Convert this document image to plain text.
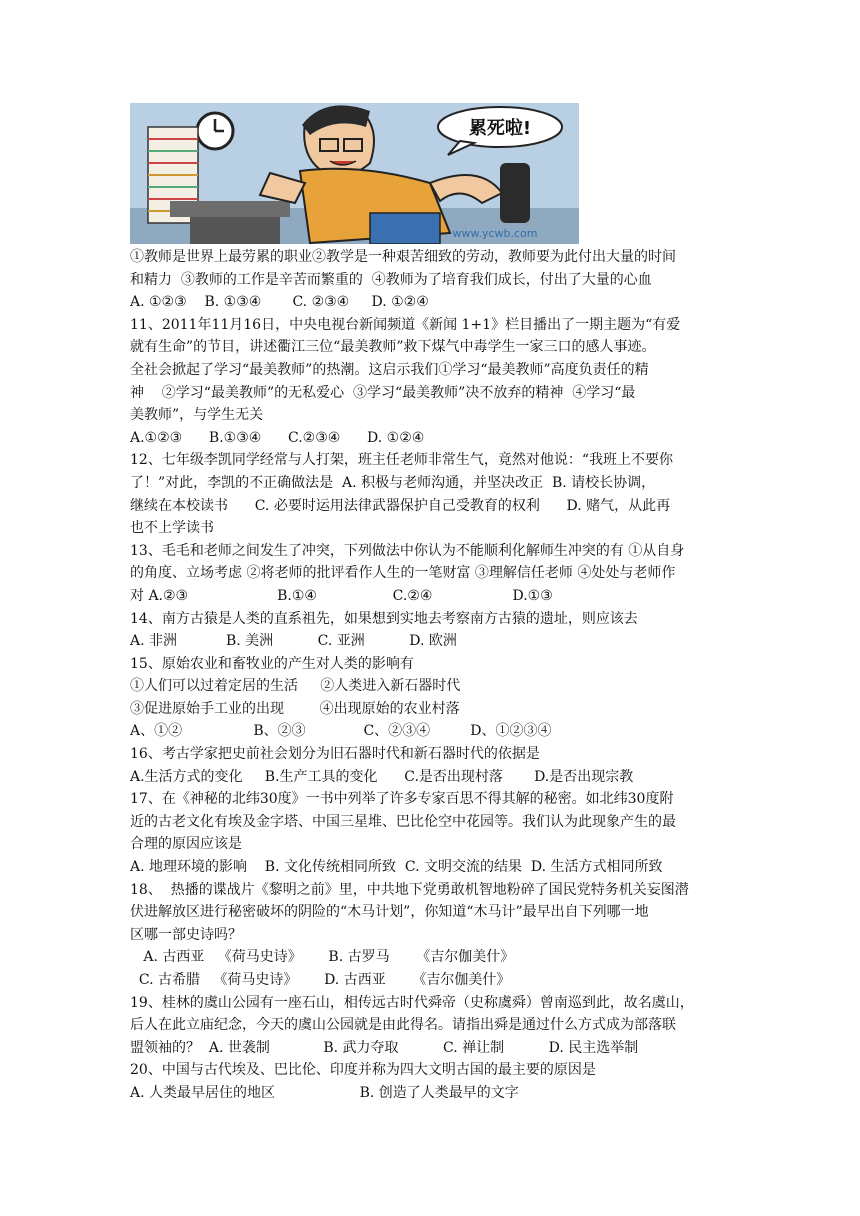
累死啦!
www.ycwb.com
①教师是世界上最劳累的职业②教学是一种艰苦细致的劳动，教师要为此付出大量的时间
和精力  ③教师的工作是辛苦而繁重的  ④教师为了培育我们成长，付出了大量的心血
A. ①②③    B. ①③④       C. ②③④     D. ①②④
11、2011年11月16日，中央电视台新闻频道《新闻 1+1》栏目播出了一期主题为“有爱
就有生命”的节目，讲述衢江三位“最美教师”救下煤气中毒学生一家三口的感人事迹。
全社会掀起了学习“最美教师”的热潮。这启示我们①学习“最美教师”高度负责任的精
神    ②学习“最美教师”的无私爱心  ③学习“最美教师”决不放弃的精神  ④学习“最
美教师”，与学生无关
A.①②③      B.①③④      C.②③④      D. ①②④
12、七年级李凯同学经常与人打架，班主任老师非常生气，竟然对他说：“我班上不要你
了！”对此，李凯的不正确做法是  A. 积极与老师沟通，并坚决改正  B. 请校长协调，
继续在本校读书      C. 必要时运用法律武器保护自己受教育的权利      D. 赌气，从此再
也不上学读书
13、毛毛和老师之间发生了冲突，下列做法中你认为不能顺利化解师生冲突的有 ①从自身
的角度、立场考虑 ②将老师的批评看作人生的一笔财富 ③理解信任老师 ④处处与老师作
对 A.②③                    B.①④                 C.②④                  D.①③
14、南方古猿是人类的直系祖先，如果想到实地去考察南方古猿的遗址，则应该去
A. 非洲           B. 美洲          C. 亚洲          D. 欧洲
15、原始农业和畜牧业的产生对人类的影响有
①人们可以过着定居的生活     ②人类进入新石器时代
③促进原始手工业的出现        ④出现原始的农业村落
A、①②                B、②③             C、②③④         D、①②③④
16、考古学家把史前社会划分为旧石器时代和新石器时代的依据是
A.生活方式的变化     B.生产工具的变化      C.是否出现村落       D.是否出现宗教
17、在《神秘的北纬30度》一书中列举了许多专家百思不得其解的秘密。如北纬30度附
近的古老文化有埃及金字塔、中国三星堆、巴比伦空中花园等。我们认为此现象产生的最
合理的原因应该是
A. 地理环境的影响    B. 文化传统相同所致  C. 文明交流的结果  D. 生活方式相同所致
18、  热播的谍战片《黎明之前》里，中共地下党勇敢机智地粉碎了国民党特务机关妄图潜
伏进解放区进行秘密破坏的阴险的“木马计划”，你知道“木马计”最早出自下列哪一地
区哪一部史诗吗？
A. 古西亚   《荷马史诗》      B. 古罗马      《吉尔伽美什》
C. 古希腊   《荷马史诗》      D. 古西亚      《吉尔伽美什》
19、桂林的虞山公园有一座石山，相传远古时代舜帝（史称虞舜）曾南巡到此，故名虞山，
后人在此立庙纪念，今天的虞山公园就是由此得名。请指出舜是通过什么方式成为部落联
盟领袖的？  A. 世袭制            B. 武力夺取          C. 禅让制          D. 民主选举制
20、中国与古代埃及、巴比伦、印度并称为四大文明古国的最主要的原因是
A. 人类最早居住的地区                   B. 创造了人类最早的文字
